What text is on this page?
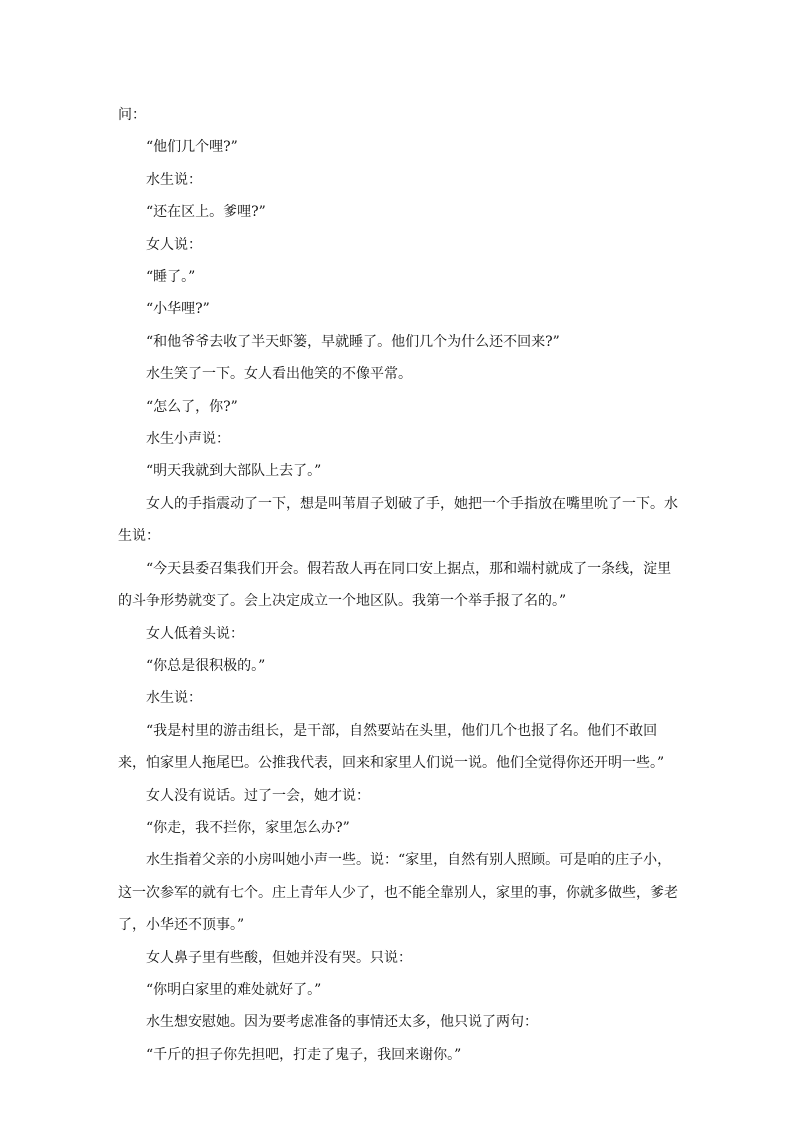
问：

“他们几个哩?”

水生说：

“还在区上。爹哩?”

女人说：

“睡了。”

“小华哩?”

“和他爷爷去收了半天虾篓，早就睡了。他们几个为什么还不回来?”

水生笑了一下。女人看出他笑的不像平常。

“怎么了，你?”

水生小声说：

“明天我就到大部队上去了。”

女人的手指震动了一下，想是叫苇眉子划破了手，她把一个手指放在嘴里吮了一下。水生说：

“今天县委召集我们开会。假若敌人再在同口安上据点，那和端村就成了一条线，淀里的斗争形势就变了。会上决定成立一个地区队。我第一个举手报了名的。”

女人低着头说：

“你总是很积极的。”

水生说：

“我是村里的游击组长，是干部，自然要站在头里，他们几个也报了名。他们不敢回来，怕家里人拖尾巴。公推我代表，回来和家里人们说一说。他们全觉得你还开明一些。”

女人没有说话。过了一会，她才说：

“你走，我不拦你，家里怎么办?”

水生指着父亲的小房叫她小声一些。说：“家里，自然有别人照顾。可是咱的庄子小，这一次参军的就有七个。庄上青年人少了，也不能全靠别人，家里的事，你就多做些，爹老了，小华还不顶事。”

女人鼻子里有些酸，但她并没有哭。只说：

“你明白家里的难处就好了。”

水生想安慰她。因为要考虑准备的事情还太多，他只说了两句：

“千斤的担子你先担吧，打走了鬼子，我回来谢你。”
